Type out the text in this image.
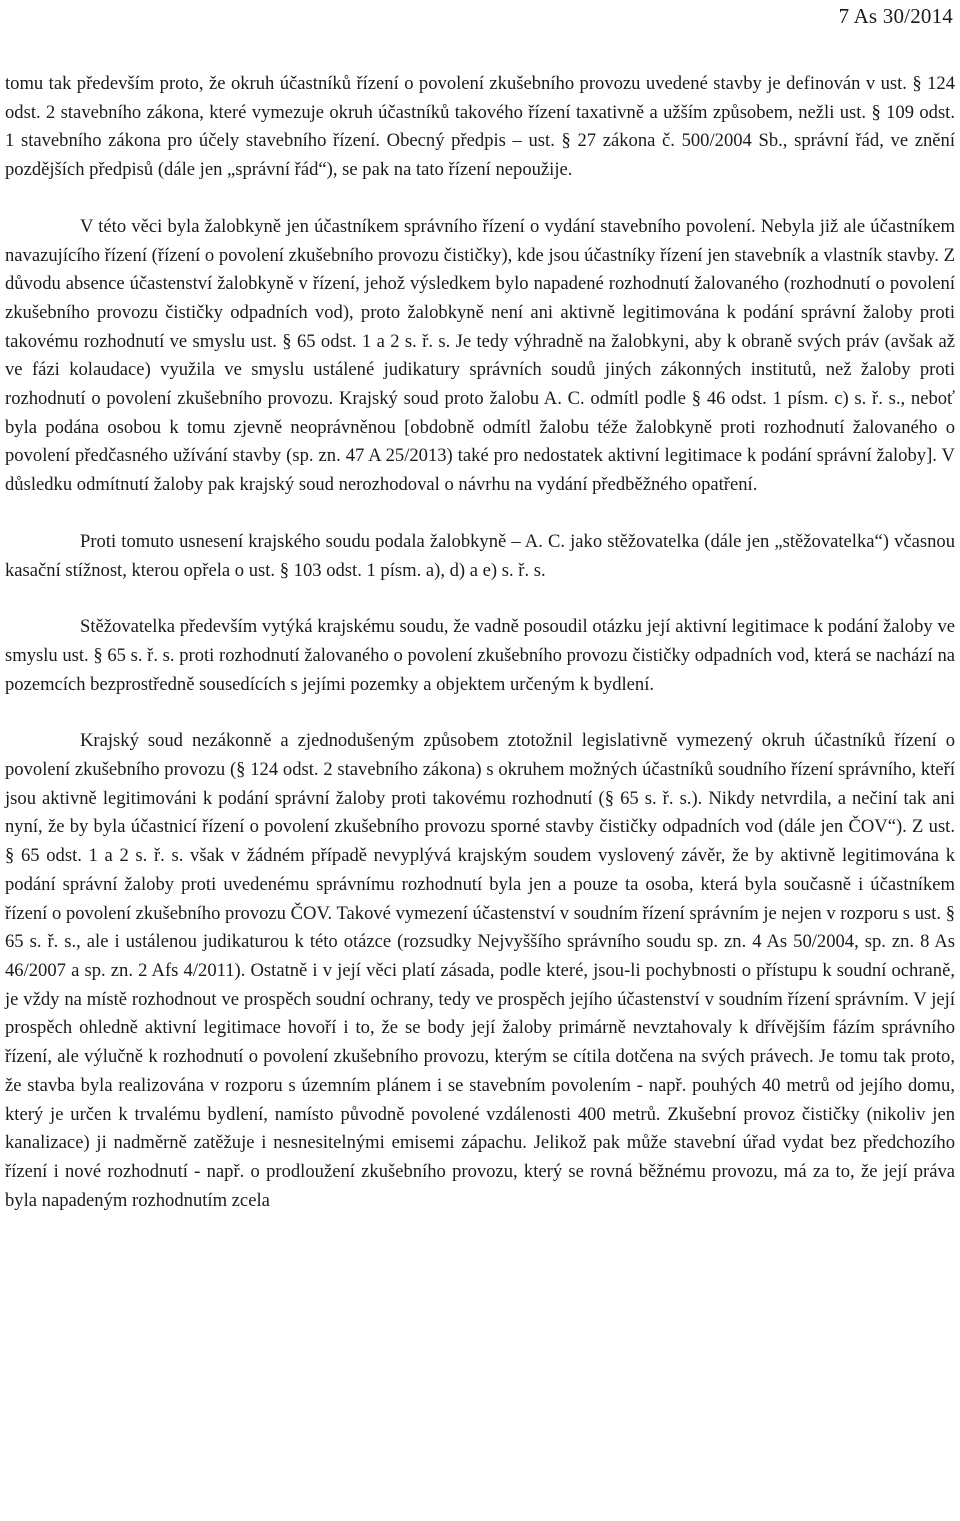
7 As 30/2014

tomu tak především proto, že okruh účastníků řízení o povolení zkušebního provozu uvedené stavby je definován v ust. § 124 odst. 2 stavebního zákona, které vymezuje okruh účastníků takového řízení taxativně a užším způsobem, nežli ust. § 109 odst. 1 stavebního zákona pro účely stavebního řízení. Obecný předpis – ust. § 27 zákona č. 500/2004 Sb., správní řád, ve znění pozdějších předpisů (dále jen „správní řád“), se pak na tato řízení nepoužije.

V této věci byla žalobkyně jen účastníkem správního řízení o vydání stavebního povolení. Nebyla již ale účastníkem navazujícího řízení (řízení o povolení zkušebního provozu čističky), kde jsou účastníky řízení jen stavebník a vlastník stavby. Z důvodu absence účastenství žalobkyně v řízení, jehož výsledkem bylo napadené rozhodnutí žalovaného (rozhodnutí o povolení zkušebního provozu čističky odpadních vod), proto žalobkyně není ani aktivně legitimována k podání správní žaloby proti takovému rozhodnutí ve smyslu ust. § 65 odst. 1 a 2 s. ř. s. Je tedy výhradně na žalobkyni, aby k obraně svých práv (avšak až ve fázi kolaudace) využila ve smyslu ustálené judikatury správních soudů jiných zákonných institutů, než žaloby proti rozhodnutí o povolení zkušebního provozu. Krajský soud proto žalobu A. C. odmítl podle § 46 odst. 1 písm. c) s. ř. s., neboť byla podána osobou k tomu zjevně neoprávněnou [obdobně odmítl žalobu téže žalobkyně proti rozhodnutí žalovaného o povolení předčasného užívání stavby (sp. zn. 47 A 25/2013) také pro nedostatek aktivní legitimace k podání správní žaloby]. V důsledku odmítnutí žaloby pak krajský soud nerozhodoval o návrhu na vydání předběžného opatření.

Proti tomuto usnesení krajského soudu podala žalobkyně – A. C. jako stěžovatelka (dále jen „stěžovatelka“) včasnou kasační stížnost, kterou opřela o ust. § 103 odst. 1 písm. a), d) a e) s. ř. s.

Stěžovatelka především vytýká krajskému soudu, že vadně posoudil otázku její aktivní legitimace k podání žaloby ve smyslu ust. § 65 s. ř. s. proti rozhodnutí žalovaného o povolení zkušebního provozu čističky odpadních vod, která se nachází na pozemcích bezprostředně sousedících s jejími pozemky a objektem určeným k bydlení.

Krajský soud nezákonně a zjednodušeným způsobem ztotožnil legislativně vymezený okruh účastníků řízení o povolení zkušebního provozu (§ 124 odst. 2 stavebního zákona) s okruhem možných účastníků soudního řízení správního, kteří jsou aktivně legitimováni k podání správní žaloby proti takovému rozhodnutí (§ 65 s. ř. s.). Nikdy netvrdila, a nečiní tak ani nyní, že by byla účastnicí řízení o povolení zkušebního provozu sporné stavby čističky odpadních vod (dále jen ČOV“). Z ust. § 65 odst. 1 a 2 s. ř. s. však v žádném případě nevyplývá krajským soudem vyslovený závěr, že by aktivně legitimována k podání správní žaloby proti uvedenému správnímu rozhodnutí byla jen a pouze ta osoba, která byla současně i účastníkem řízení o povolení zkušebního provozu ČOV. Takové vymezení účastenství v soudním řízení správním je nejen v rozporu s ust. § 65 s. ř. s., ale i ustálenou judikaturou k této otázce (rozsudky Nejvyššího správního soudu sp. zn. 4 As 50/2004, sp. zn. 8 As 46/2007 a sp. zn. 2 Afs 4/2011). Ostatně i v její věci platí zásada, podle které, jsou-li pochybnosti o přístupu k soudní ochraně, je vždy na místě rozhodnout ve prospěch soudní ochrany, tedy ve prospěch jejího účastenství v soudním řízení správním. V její prospěch ohledně aktivní legitimace hovoří i to, že se body její žaloby primárně nevztahovaly k dřívějším fázím správního řízení, ale výlučně k rozhodnutí o povolení zkušebního provozu, kterým se cítila dotčena na svých právech. Je tomu tak proto, že stavba byla realizována v rozporu s územním plánem i se stavebním povolením - např. pouhých 40 metrů od jejího domu, který je určen k trvalému bydlení, namísto původně povolené vzdálenosti 400 metrů. Zkušební provoz čističky (nikoliv jen kanalizace) ji nadměrně zatěžuje i nesnesitelnými emisemi zápachu. Jelikož pak může stavební úřad vydat bez předchozího řízení i nové rozhodnutí - např. o prodloužení zkušebního provozu, který se rovná běžnému provozu, má za to, že její práva byla napadeným rozhodnutím zcela
